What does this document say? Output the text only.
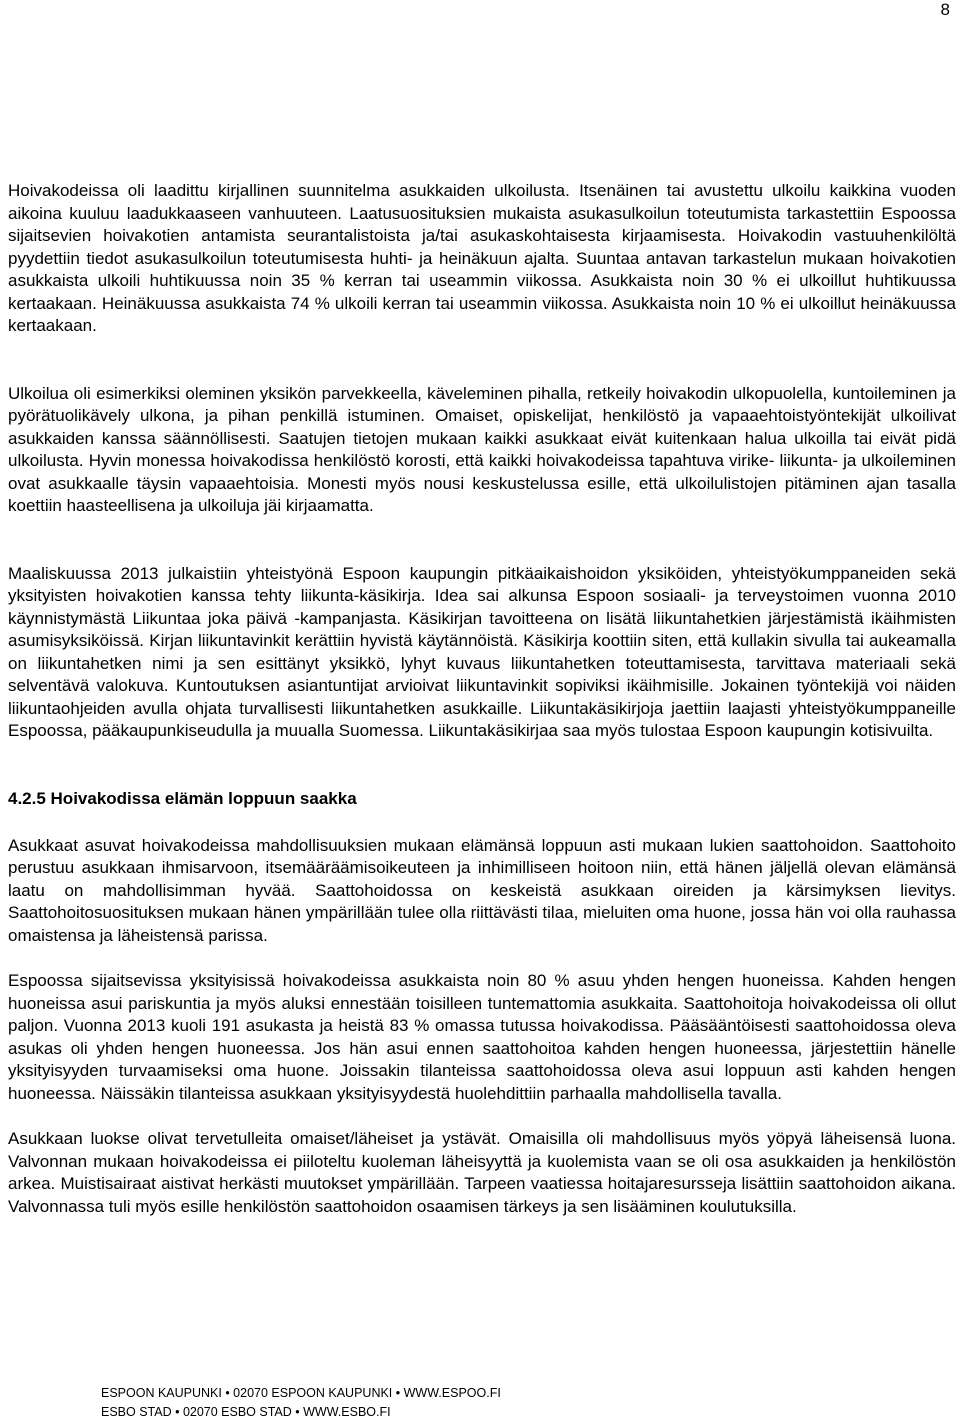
8

Hoivakodeissa oli laadittu kirjallinen suunnitelma asukkaiden ulkoilusta. Itsenäinen tai avustettu ulkoilu kaikkina vuoden aikoina kuuluu laadukkaaseen vanhuuteen. Laatusuosituksien mukaista asukasulkoilun toteutumista tarkastettiin Espoossa sijaitsevien hoivakotien antamista seurantalistoista ja/tai asukaskohtaisesta kirjaamisesta. Hoivakodin vastuuhenkilöltä pyydettiin tiedot asukasulkoilun toteutumisesta huhti- ja heinäkuun ajalta. Suuntaa antavan tarkastelun mukaan hoivakotien asukkaista ulkoili huhtikuussa noin 35 % kerran tai useammin viikossa. Asukkaista noin 30 % ei ulkoillut huhtikuussa kertaakaan. Heinäkuussa asukkaista 74 % ulkoili kerran tai useammin viikossa. Asukkaista noin 10 % ei ulkoillut heinäkuussa kertaakaan.

Ulkoilua oli esimerkiksi oleminen yksikön parvekkeella, käveleminen pihalla, retkeily hoivakodin ulkopuolella, kuntoileminen ja pyörätuolikävely ulkona, ja pihan penkillä istuminen. Omaiset, opiskelijat, henkilöstö ja vapaaehtoistyöntekijät ulkoilivat asukkaiden kanssa säännöllisesti. Saatujen tietojen mukaan kaikki asukkaat eivät kuitenkaan halua ulkoilla tai eivät pidä ulkoilusta. Hyvin monessa hoivakodissa henkilöstö korosti, että kaikki hoivakodeissa tapahtuva virike- liikunta- ja ulkoileminen ovat asukkaalle täysin vapaaehtoisia. Monesti myös nousi keskustelussa esille, että ulkoilulistojen pitäminen ajan tasalla koettiin haasteellisena ja ulkoiluja jäi kirjaamatta.

Maaliskuussa 2013 julkaistiin yhteistyönä Espoon kaupungin pitkäaikaishoidon yksiköiden, yhteistyökumppaneiden sekä yksityisten hoivakotien kanssa tehty liikunta-käsikirja. Idea sai alkunsa Espoon sosiaali- ja terveystoimen vuonna 2010 käynnistymästä Liikuntaa joka päivä -kampanjasta. Käsikirjan tavoitteena on lisätä liikuntahetkien järjestämistä ikäihmisten asumisyksiköissä. Kirjan liikuntavinkit kerättiin hyvistä käytännöistä. Käsikirja koottiin siten, että kullakin sivulla tai aukeamalla on liikuntahetken nimi ja sen esittänyt yksikkö, lyhyt kuvaus liikuntahetken toteuttamisesta, tarvittava materiaali sekä selventävä valokuva. Kuntoutuksen asiantuntijat arvioivat liikuntavinkit sopiviksi ikäihmisille. Jokainen työntekijä voi näiden liikuntaohjeiden avulla ohjata turvallisesti liikuntahetken asukkaille. Liikuntakäsikirjoja jaettiin laajasti yhteistyökumppaneille Espoossa, pääkaupunkiseudulla ja muualla Suomessa. Liikuntakäsikirjaa saa myös tulostaa Espoon kaupungin kotisivuilta.

4.2.5 Hoivakodissa elämän loppuun saakka

Asukkaat asuvat hoivakodeissa mahdollisuuksien mukaan elämänsä loppuun asti mukaan lukien saattohoidon. Saattohoito perustuu asukkaan ihmisarvoon, itsemääräämisoikeuteen ja inhimilliseen hoitoon niin, että hänen jäljellä olevan elämänsä laatu on mahdollisimman hyvää. Saattohoidossa on keskeistä asukkaan oireiden ja kärsimyksen lievitys. Saattohoitosuosituksen mukaan hänen ympärillään tulee olla riittävästi tilaa, mieluiten oma huone, jossa hän voi olla rauhassa omaistensa ja läheistensä parissa.

Espoossa sijaitsevissa yksityisissä hoivakodeissa asukkaista noin 80 % asuu yhden hengen huoneissa. Kahden hengen huoneissa asui pariskuntia ja myös aluksi ennestään toisilleen tuntemattomia asukkaita. Saattohoitoja hoivakodeissa oli ollut paljon. Vuonna 2013 kuoli 191 asukasta ja heistä 83 % omassa tutussa hoivakodissa. Pääsääntöisesti saattohoidossa oleva asukas oli yhden hengen huoneessa. Jos hän asui ennen saattohoitoa kahden hengen huoneessa, järjestettiin hänelle yksityisyyden turvaamiseksi oma huone. Joissakin tilanteissa saattohoidossa oleva asui loppuun asti kahden hengen huoneessa. Näissäkin tilanteissa asukkaan yksityisyydestä huolehdittiin parhaalla mahdollisella tavalla.

Asukkaan luokse olivat tervetulleita omaiset/läheiset ja ystävät. Omaisilla oli mahdollisuus myös yöpyä läheisensä luona. Valvonnan mukaan hoivakodeissa ei piiloteltu kuoleman läheisyyttä ja kuolemista vaan se oli osa asukkaiden ja henkilöstön arkea. Muistisairaat aistivat herkästi muutokset ympärillään. Tarpeen vaatiessa hoitajaresursseja lisättiin saattohoidon aikana. Valvonnassa tuli myös esille henkilöstön saattohoidon osaamisen tärkeys ja sen lisääminen koulutuksilla.

ESPOON KAUPUNKI • 02070 ESPOON KAUPUNKI • WWW.ESPOO.FI
ESBO STAD • 02070 ESBO STAD • WWW.ESBO.FI
